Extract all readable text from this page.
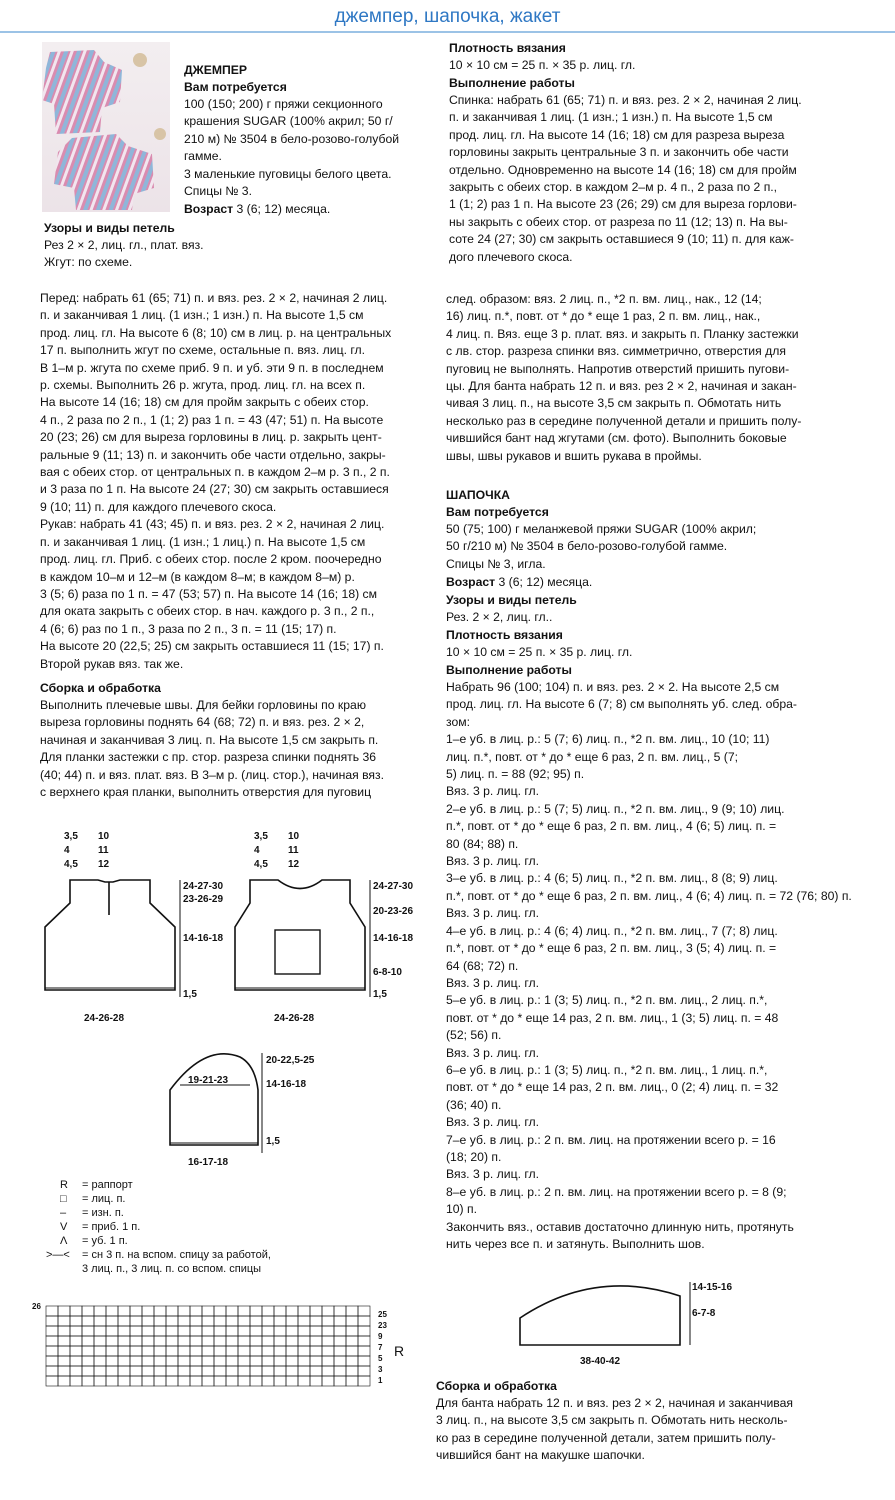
джемпер, шапочка, жакет
ДЖЕМПЕР
Вам потребуется
100 (150; 200) г пряжи секционного
крашения SUGAR (100% акрил; 50 г/
210 м) № 3504 в бело-розово-голубой
гамме.
3 маленькие пуговицы белого цвета.
Спицы № 3.
Возраст 3 (6; 12) месяца.
Узоры и виды петель
Рез 2 × 2, лиц. гл., плат. вяз.
Жгут: по схеме.
Плотность вязания
10 × 10 см = 25 п. × 35 р. лиц. гл.
Выполнение работы
Спинка: набрать 61 (65; 71) п. и вяз. рез. 2 × 2, начиная 2 лиц.
п. и заканчивая 1 лиц. (1 изн.; 1 изн.) п. На высоте 1,5 см
прод. лиц. гл. На высоте 14 (16; 18) см для разреза выреза
горловины закрыть центральные 3 п. и закончить обе части
отдельно. Одновременно на высоте 14 (16; 18) см для пройм
закрыть с обеих стор. в каждом 2–м р. 4 п., 2 раза по 2 п.,
1 (1; 2) раз 1 п. На высоте 23 (26; 29) см для выреза горлови-
ны закрыть с обеих стор. от разреза по 11 (12; 13) п. На вы-
соте 24 (27; 30) см закрыть оставшиеся 9 (10; 11) п. для каж-
дого плечевого скоса.
Перед: набрать 61 (65; 71) п. и вяз. рез. 2 × 2, начиная 2 лиц.
п. и заканчивая 1 лиц. (1 изн.; 1 изн.) п. На высоте 1,5 см
прод. лиц. гл. На высоте 6 (8; 10) см в лиц. р. на центральных
17 п. выполнить жгут по схеме, остальные п. вяз. лиц. гл.
В 1–м р. жгута по схеме приб. 9 п. и уб. эти 9 п. в последнем
р. схемы. Выполнить 26 р. жгута, прод. лиц. гл. на всех п.
На высоте 14 (16; 18) см для пройм закрыть с обеих стор.
4 п., 2 раза по 2 п., 1 (1; 2) раз 1 п. = 43 (47; 51) п. На высоте
20 (23; 26) см для выреза горловины в лиц. р. закрыть цент-
ральные 9 (11; 13) п. и закончить обе части отдельно, закры-
вая с обеих стор. от центральных п. в каждом 2–м р. 3 п., 2 п.
и 3 раза по 1 п. На высоте 24 (27; 30) см закрыть оставшиеся
9 (10; 11) п. для каждого плечевого скоса.
Рукав: набрать 41 (43; 45) п. и вяз. рез. 2 × 2, начиная 2 лиц.
п. и заканчивая 1 лиц. (1 изн.; 1 лиц.) п. На высоте 1,5 см
прод. лиц. гл. Приб. с обеих стор. после 2 кром. поочередно
в каждом 10–м и 12–м (в каждом 8–м; в каждом 8–м) р.
3 (5; 6) раза по 1 п. = 47 (53; 57) п. На высоте 14 (16; 18) см
для оката закрыть с обеих стор. в нач. каждого р. 3 п., 2 п.,
4 (6; 6) раз по 1 п., 3 раза по 2 п., 3 п. = 11 (15; 17) п.
На высоте 20 (22,5; 25) см закрыть оставшиеся 11 (15; 17) п.
Второй рукав вяз. так же.
Сборка и обработка
Выполнить плечевые швы. Для бейки горловины по краю
выреза горловины поднять 64 (68; 72) п. и вяз. рез. 2 × 2,
начиная и заканчивая 3 лиц. п. На высоте 1,5 см закрыть п.
Для планки застежки с пр. стор. разреза спинки поднять 36
(40; 44) п. и вяз. плат. вяз. В 3–м р. (лиц. стор.), начиная вяз.
с верхнего края планки, выполнить отверстия для пуговиц
след. образом: вяз. 2 лиц. п., *2 п. вм. лиц., нак., 12 (14;
16) лиц. п.*, повт. от * до * еще 1 раз, 2 п. вм. лиц., нак.,
4 лиц. п. Вяз. еще 3 р. плат. вяз. и закрыть п. Планку застежки
с лв. стор. разреза спинки вяз. симметрично, отверстия для
пуговиц не выполнять. Напротив отверстий пришить пугови-
цы. Для банта набрать 12 п. и вяз. рез 2 × 2, начиная и закан-
чивая 3 лиц. п., на высоте 3,5 см закрыть п. Обмотать нить
несколько раз в середине полученной детали и пришить полу-
чившийся бант над жгутами (см. фото). Выполнить боковые
швы, швы рукавов и вшить рукава в проймы.
ШАПОЧКА
Вам потребуется
50 (75; 100) г меланжевой пряжи SUGAR (100% акрил;
50 г/210 м) № 3504 в бело-розово-голубой гамме.
Спицы № 3, игла.
Возраст 3 (6; 12) месяца.
Узоры и виды петель
Рез. 2 × 2, лиц. гл..
Плотность вязания
10 × 10 см = 25 п. × 35 р. лиц. гл.
Выполнение работы
Набрать 96 (100; 104) п. и вяз. рез. 2 × 2. На высоте 2,5 см
прод. лиц. гл. На высоте 6 (7; 8) см выполнять уб. след. обра-
зом:
1–е уб. в лиц. р.: 5 (7; 6) лиц. п., *2 п. вм. лиц., 10 (10; 11)
лиц. п.*, повт. от * до * еще 6 раз, 2 п. вм. лиц., 5 (7;
5) лиц. п. = 88 (92; 95) п.
Вяз. 3 р. лиц. гл.
2–е уб. в лиц. р.: 5 (7; 5) лиц. п., *2 п. вм. лиц., 9 (9; 10) лиц.
п.*, повт. от * до * еще 6 раз, 2 п. вм. лиц., 4 (6; 5) лиц. п. =
80 (84; 88) п.
Вяз. 3 р. лиц. гл.
3–е уб. в лиц. р.: 4 (6; 5) лиц. п., *2 п. вм. лиц., 8 (8; 9) лиц.
п.*, повт. от * до * еще 6 раз, 2 п. вм. лиц., 4 (6; 4) лиц. п. = 72 (76; 80) п.
Вяз. 3 р. лиц. гл.
4–е уб. в лиц. р.: 4 (6; 4) лиц. п., *2 п. вм. лиц., 7 (7; 8) лиц.
п.*, повт. от * до * еще 6 раз, 2 п. вм. лиц., 3 (5; 4) лиц. п. =
64 (68; 72) п.
Вяз. 3 р. лиц. гл.
5–е уб. в лиц. р.: 1 (3; 5) лиц. п., *2 п. вм. лиц., 2 лиц. п.*,
повт. от * до * еще 14 раз, 2 п. вм. лиц., 1 (3; 5) лиц. п. = 48
(52; 56) п.
Вяз. 3 р. лиц. гл.
6–е уб. в лиц. р.: 1 (3; 5) лиц. п., *2 п. вм. лиц., 1 лиц. п.*,
повт. от * до * еще 14 раз, 2 п. вм. лиц., 0 (2; 4) лиц. п. = 32
(36; 40) п.
Вяз. 3 р. лиц. гл.
7–е уб. в лиц. р.: 2 п. вм. лиц. на протяжении всего р. = 16
(18; 20) п.
Вяз. 3 р. лиц. гл.
8–е уб. в лиц. р.: 2 п. вм. лиц. на протяжении всего р. = 8 (9;
10) п.
Закончить вяз., оставив достаточно длинную нить, протянуть
нить через все п. и затянуть. Выполнить шов.
Сборка и обработка
Для банта набрать 12 п. и вяз. рез 2 × 2, начиная и заканчивая
3 лиц. п., на высоте 3,5 см закрыть п. Обмотать нить несколь-
ко раз в середине полученной детали, затем пришить полу-
чившийся бант на макушке шапочки.
3,5
4
4,5
10
11
12
24-27-30
23-26-29
14-16-18
1,5
24-26-28
3,5
4
4,5
10
11
12
24-27-30
20-23-26
14-16-18
6-8-10
1,5
24-26-28
19-21-23
20-22,5-25
14-16-18
1,5
16-17-18
R = раппорт
□ = лиц. п.
– = изн. п.
V = приб. 1 п.
Λ = уб. 1 п.
>—< = сн 3 п. на вспом. спицу за работой,
3 лиц. п., 3 лиц. п. со вспом. спицы
26
25
23
9
7
5
3
1
R
14-15-16
6-7-8
38-40-42
